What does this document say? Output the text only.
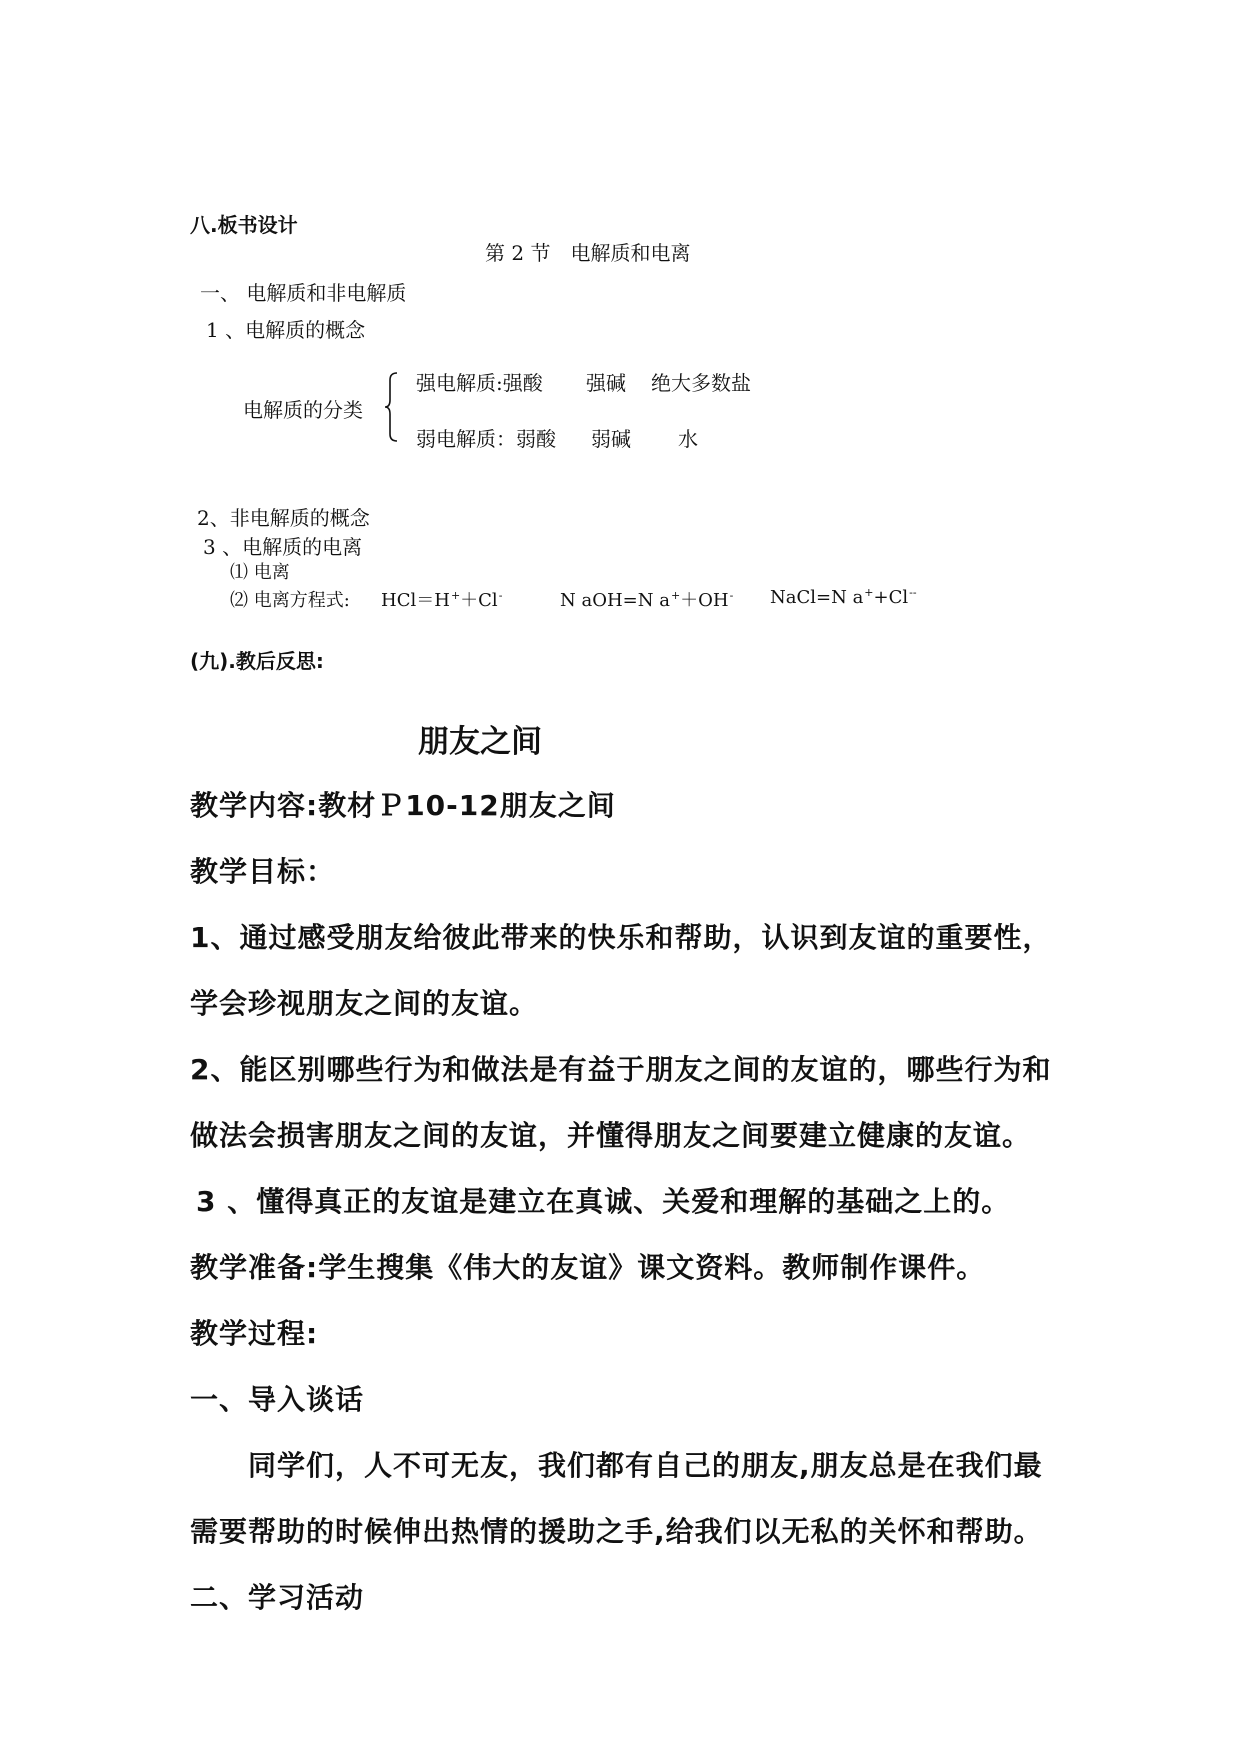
八.板书设计
第 2 节　电解质和电离
一、 电解质和非电解质
1 、电解质的概念
电解质的分类
强电解质:强酸 强碱 绝大多数盐
弱电解质：弱酸 弱碱 水
2、非电解质的概念
3 、电解质的电离
⑴ 电离
⑵ 电离方程式: HCl＝H+＋Cl-	N aOH=N a+＋OH- NaCl=N a++Cl--
(九).教后反思:
朋友之间
教学内容:教材Ｐ10-12朋友之间
教学目标：
1、通过感受朋友给彼此带来的快乐和帮助，认识到友谊的重要性，
学会珍视朋友之间的友谊。
2、能区别哪些行为和做法是有益于朋友之间的友谊的，哪些行为和
做法会损害朋友之间的友谊，并懂得朋友之间要建立健康的友谊。
3 、懂得真正的友谊是建立在真诚、关爱和理解的基础之上的。
教学准备:学生搜集《伟大的友谊》课文资料。教师制作课件。
教学过程:
一、导入谈话
同学们，人不可无友，我们都有自己的朋友,朋友总是在我们最
需要帮助的时候伸出热情的援助之手,给我们以无私的关怀和帮助。
二、学习活动
